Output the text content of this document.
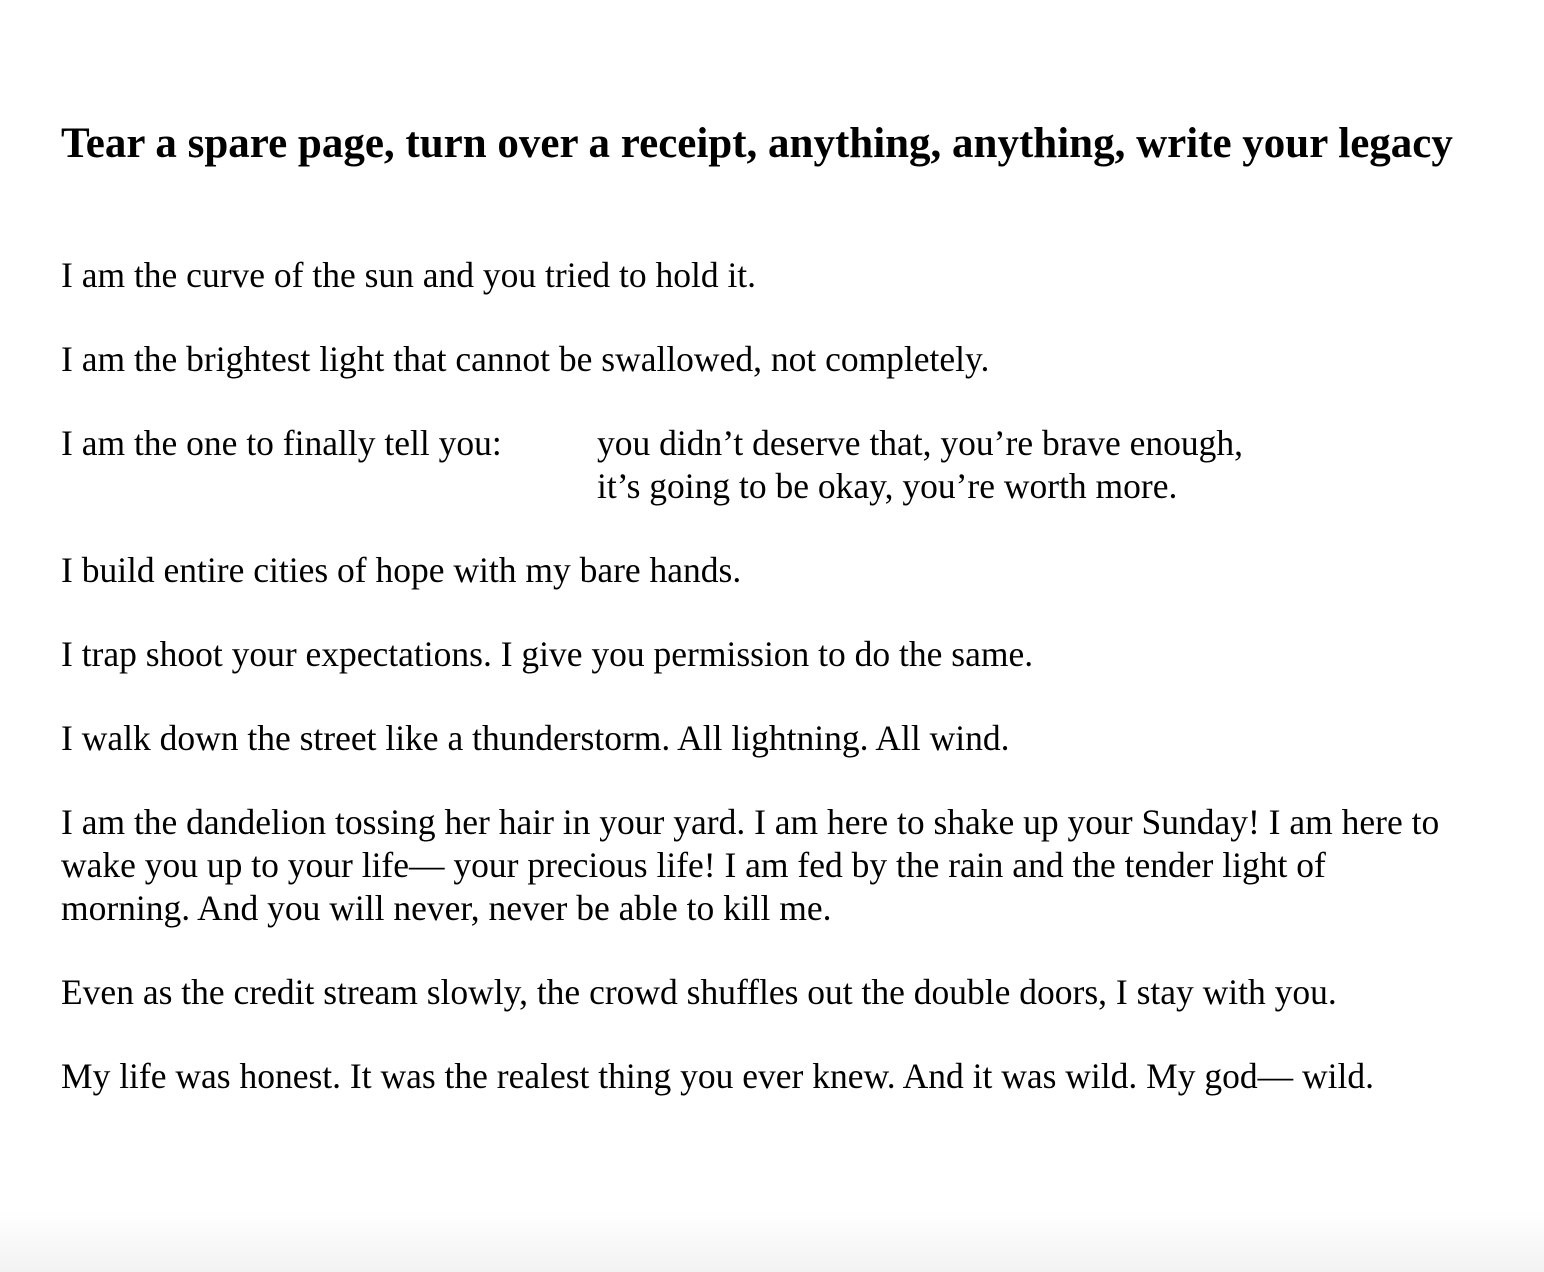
Tear a spare page, turn over a receipt, anything, anything, write your legacy

I am the curve of the sun and you tried to hold it.

I am the brightest light that cannot be swallowed, not completely.

I am the one to finally tell you:	you didn’t deserve that, you’re brave enough,
it’s going to be okay, you’re worth more.

I build entire cities of hope with my bare hands.

I trap shoot your expectations. I give you permission to do the same.

I walk down the street like a thunderstorm. All lightning. All wind.

I am the dandelion tossing her hair in your yard. I am here to shake up your Sunday! I am here to
wake you up to your life— your precious life! I am fed by the rain and the tender light of
morning. And you will never, never be able to kill me.

Even as the credit stream slowly, the crowd shuffles out the double doors, I stay with you.

My life was honest. It was the realest thing you ever knew. And it was wild. My god— wild.
